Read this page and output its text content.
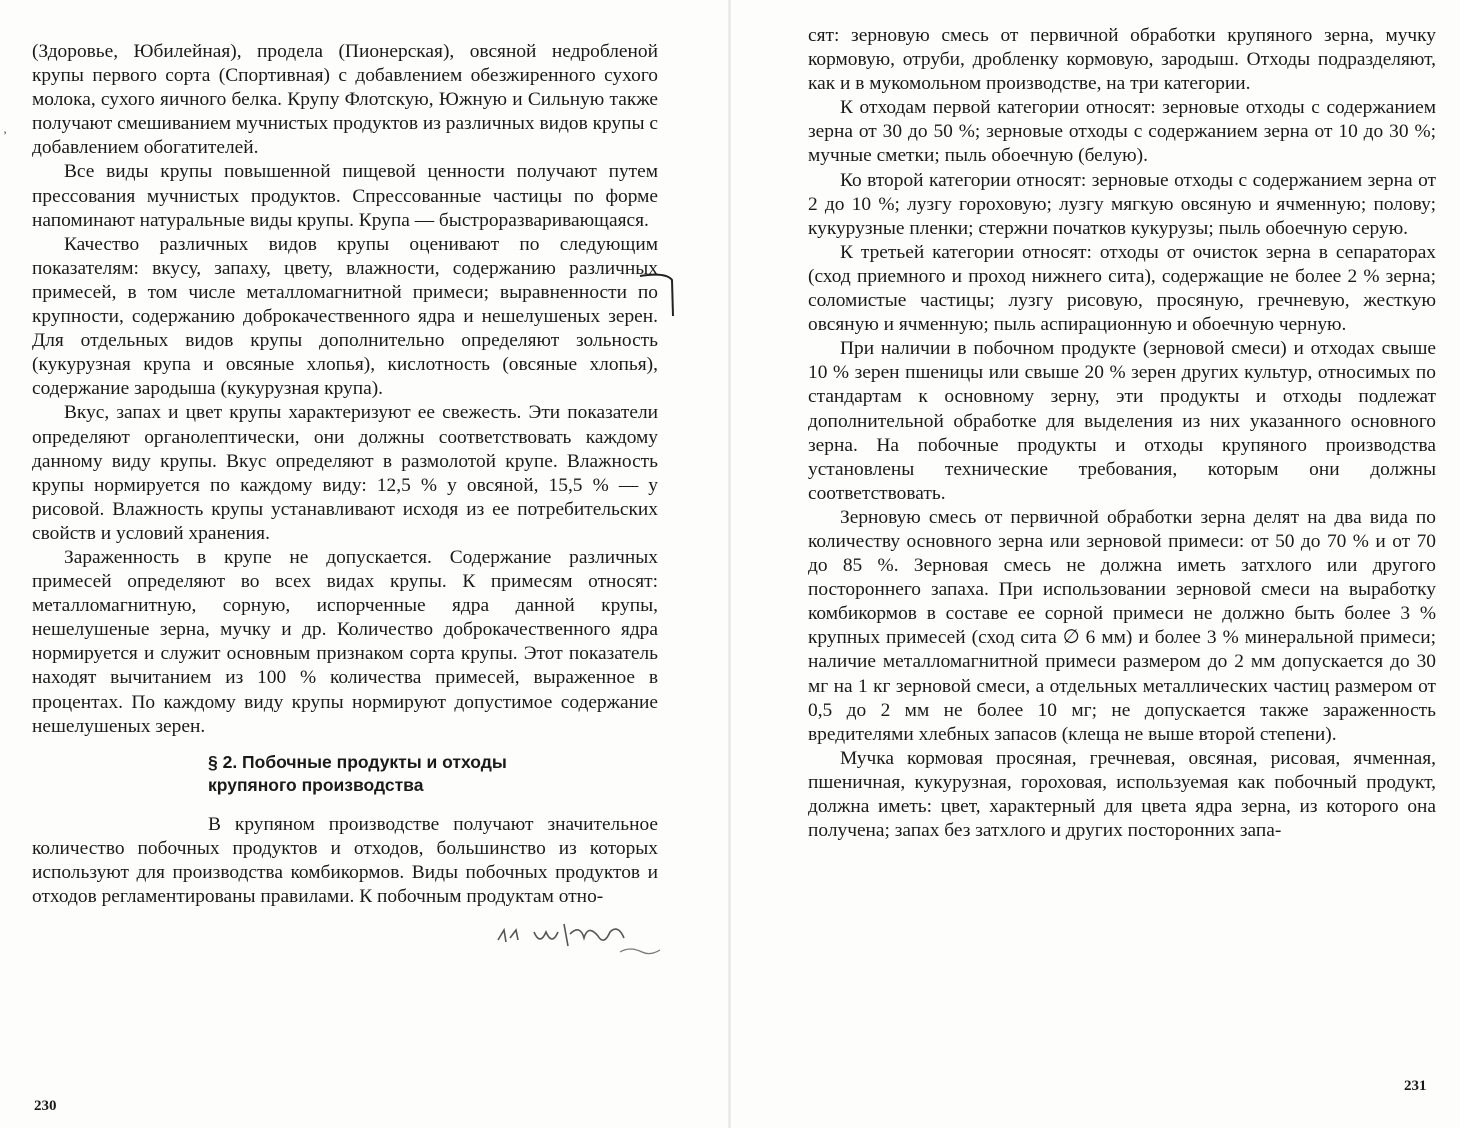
(Здоровье, Юбилейная), продела (Пионерская), овсяной недробленой крупы первого сорта (Спортивная) с добавлением обезжиренного сухого молока, сухого яичного белка. Крупу Флотскую, Южную и Сильную также получают смешиванием мучнистых продуктов из различных видов крупы с добавлением обогатителей.

Все виды крупы повышенной пищевой ценности получают путем прессования мучнистых продуктов. Спрессованные частицы по форме напоминают натуральные виды крупы. Крупа — быстроразваривающаяся.

Качество различных видов крупы оценивают по следующим показателям: вкусу, запаху, цвету, влажности, содержанию различных примесей, в том числе металломагнитной примеси; выравненности по крупности, содержанию доброкачественного ядра и нешелушеных зерен. Для отдельных видов крупы дополнительно определяют зольность (кукурузная крупа и овсяные хлопья), кислотность (овсяные хлопья), содержание зародыша (кукурузная крупа).

Вкус, запах и цвет крупы характеризуют ее свежесть. Эти показатели определяют органолептически, они должны соответствовать каждому данному виду крупы. Вкус определяют в размолотой крупе. Влажность крупы нормируется по каждому виду: 12,5 % у овсяной, 15,5 % — у рисовой. Влажность крупы устанавливают исходя из ее потребительских свойств и условий хранения.

Зараженность в крупе не допускается. Содержание различных примесей определяют во всех видах крупы. К примесям относят: металломагнитную, сорную, испорченные ядра данной крупы, нешелушеные зерна, мучку и др. Количество доброкачественного ядра нормируется и служит основным признаком сорта крупы. Этот показатель находят вычитанием из 100 % количества примесей, выраженное в процентах. По каждому виду крупы нормируют допустимое содержание нешелушеных зерен.

§ 2. Побочные продукты и отходы
крупяного производства

В крупяном производстве получают значительное количество побочных продуктов и отходов, большинство из которых используют для производства комбикормов. Виды побочных продуктов и отходов регламентированы правилами. К побочным продуктам отно-

’
230

сят: зерновую смесь от первичной обработки крупяного зерна, мучку кормовую, отруби, дробленку кормовую, зародыш. Отходы подразделяют, как и в мукомольном производстве, на три категории.

К отходам первой категории относят: зерновые отходы с содержанием зерна от 30 до 50 %; зерновые отходы с содержанием зерна от 10 до 30 %; мучные сметки; пыль обоечную (белую).

Ко второй категории относят: зерновые отходы с содержанием зерна от 2 до 10 %; лузгу гороховую; лузгу мягкую овсяную и ячменную; полову; кукурузные пленки; стержни початков кукурузы; пыль обоечную серую.

К третьей категории относят: отходы от очисток зерна в сепараторах (сход приемного и проход нижнего сита), содержащие не более 2 % зерна; соломистые частицы; лузгу рисовую, просяную, гречневую, жесткую овсяную и ячменную; пыль аспирационную и обоечную черную.

При наличии в побочном продукте (зерновой смеси) и отходах свыше 10 % зерен пшеницы или свыше 20 % зерен других культур, относимых по стандартам к основному зерну, эти продукты и отходы подлежат дополнительной обработке для выделения из них указанного основного зерна. На побочные продукты и отходы крупяного производства установлены технические требования, которым они должны соответствовать.

Зерновую смесь от первичной обработки зерна делят на два вида по количеству основного зерна или зерновой примеси: от 50 до 70 % и от 70 до 85 %. Зерновая смесь не должна иметь затхлого или другого постороннего запаха. При использовании зерновой смеси на выработку комбикормов в составе ее сорной примеси не должно быть более 3 % крупных примесей (сход сита ∅ 6 мм) и более 3 % минеральной примеси; наличие металломагнитной примеси размером до 2 мм допускается до 30 мг на 1 кг зерновой смеси, а отдельных металлических частиц размером от 0,5 до 2 мм не более 10 мг; не допускается также зараженность вредителями хлебных запасов (клеща не выше второй степени).

Мучка кормовая просяная, гречневая, овсяная, рисовая, ячменная, пшеничная, кукурузная, гороховая, используемая как побочный продукт, должна иметь: цвет, характерный для цвета ядра зерна, из которого она получена; запах без затхлого и других посторонних запа-

231
